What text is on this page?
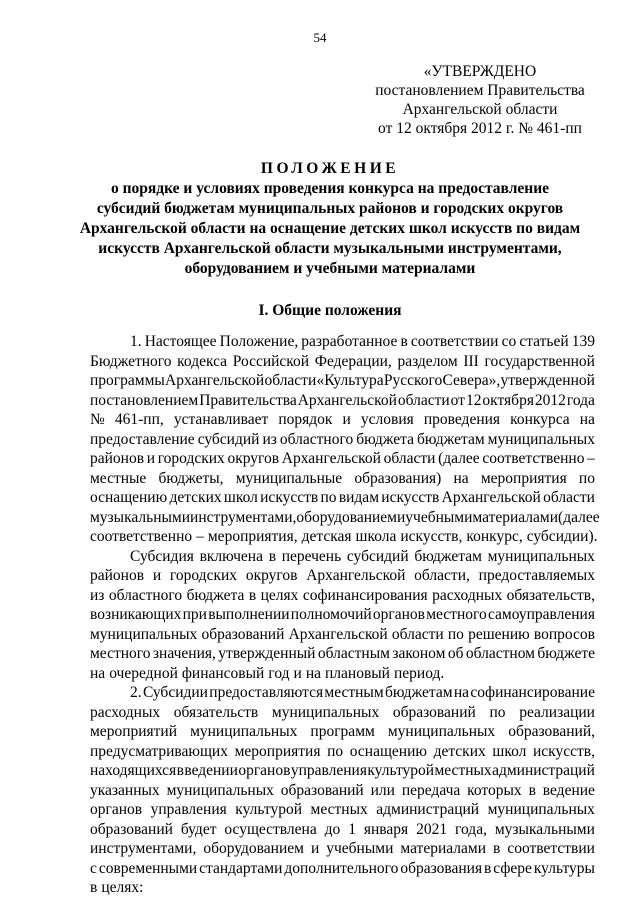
54
«УТВЕРЖДЕНО
постановлением Правительства
Архангельской области
от 12 октября 2012 г. № 461-пп
ПОЛОЖЕНИЕ
о порядке и условиях проведения конкурса на предоставление
субсидий бюджетам муниципальных районов и городских округов
Архангельской области на оснащение детских школ искусств по видам
искусств Архангельской области музыкальными инструментами,
оборудованием и учебными материалами
I. Общие положения
1. Настоящее Положение, разработанное в соответствии со статьей 139
Бюджетного кодекса Российской Федерации, разделом III государственной
программы Архангельской области «Культура Русского Севера», утвержденной
постановлением Правительства Архангельской области от 12 октября 2012 года
№ 461-пп, устанавливает порядок и условия проведения конкурса на
предоставление субсидий из областного бюджета бюджетам муниципальных
районов и городских округов Архангельской области (далее соответственно –
местные бюджеты, муниципальные образования) на мероприятия по
оснащению детских школ искусств по видам искусств Архангельской области
музыкальными инструментами, оборудованием и учебными материалами (далее
соответственно – мероприятия, детская школа искусств, конкурс, субсидии).
Субсидия включена в перечень субсидий бюджетам муниципальных
районов и городских округов Архангельской области, предоставляемых
из областного бюджета в целях софинансирования расходных обязательств,
возникающих при выполнении полномочий органов местного самоуправления
муниципальных образований Архангельской области по решению вопросов
местного значения, утвержденный областным законом об областном бюджете
на очередной финансовый год и на плановый период.
2. Субсидии предоставляются местным бюджетам на софинансирование
расходных обязательств муниципальных образований по реализации
мероприятий муниципальных программ муниципальных образований,
предусматривающих мероприятия по оснащению детских школ искусств,
находящихся в ведении органов управления культурой местных администраций
указанных муниципальных образований или передача которых в ведение
органов управления культурой местных администраций муниципальных
образований будет осуществлена до 1 января 2021 года, музыкальными
инструментами, оборудованием и учебными материалами в соответствии
с современными стандартами дополнительного образования в сфере культуры
в целях:
